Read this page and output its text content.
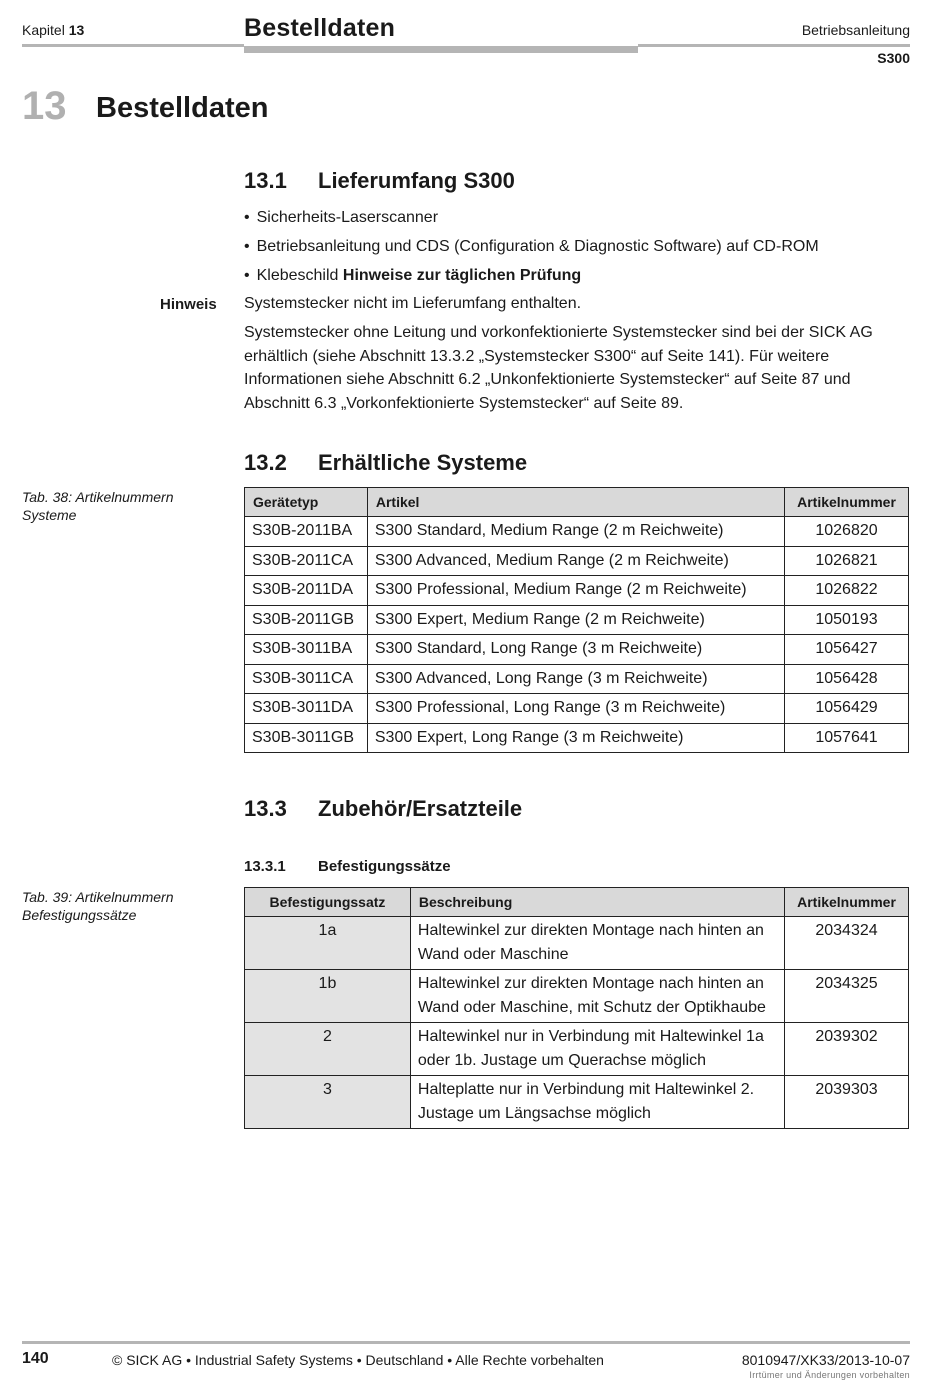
Kapitel 13	Bestelldaten	Betriebsanleitung
S300
13 Bestelldaten
13.1 Lieferumfang S300
• Sicherheits-Laserscanner
• Betriebsanleitung und CDS (Configuration & Diagnostic Software) auf CD-ROM
• Klebeschild Hinweise zur täglichen Prüfung
Hinweis Systemstecker nicht im Lieferumfang enthalten.
Systemstecker ohne Leitung und vorkonfektionierte Systemstecker sind bei der SICK AG erhältlich (siehe Abschnitt 13.3.2 „Systemstecker S300“ auf Seite 141). Für weitere Informationen siehe Abschnitt 6.2 „Unkonfektionierte Systemstecker“ auf Seite 87 und Abschnitt 6.3 „Vorkonfektionierte Systemstecker“ auf Seite 89.
13.2 Erhältliche Systeme
Tab. 38: Artikelnummern Systeme
Gerätetyp	Artikel	Artikelnummer
S30B-2011BA	S300 Standard, Medium Range (2 m Reichweite)	1026820
S30B-2011CA	S300 Advanced, Medium Range (2 m Reichweite)	1026821
S30B-2011DA	S300 Professional, Medium Range (2 m Reichweite)	1026822
S30B-2011GB	S300 Expert, Medium Range (2 m Reichweite)	1050193
S30B-3011BA	S300 Standard, Long Range (3 m Reichweite)	1056427
S30B-3011CA	S300 Advanced, Long Range (3 m Reichweite)	1056428
S30B-3011DA	S300 Professional, Long Range (3 m Reichweite)	1056429
S30B-3011GB	S300 Expert, Long Range (3 m Reichweite)	1057641
13.3 Zubehör/Ersatzteile
13.3.1 Befestigungssätze
Tab. 39: Artikelnummern Befestigungssätze
Befestigungssatz	Beschreibung	Artikelnummer
1a	Haltewinkel zur direkten Montage nach hinten an Wand oder Maschine	2034324
1b	Haltewinkel zur direkten Montage nach hinten an Wand oder Maschine, mit Schutz der Optikhaube	2034325
2	Haltewinkel nur in Verbindung mit Haltewinkel 1a oder 1b. Justage um Querachse möglich	2039302
3	Halteplatte nur in Verbindung mit Haltewinkel 2. Justage um Längsachse möglich	2039303
140	© SICK AG • Industrial Safety Systems • Deutschland • Alle Rechte vorbehalten	8010947/XK33/2013-10-07
Irrtümer und Änderungen vorbehalten
